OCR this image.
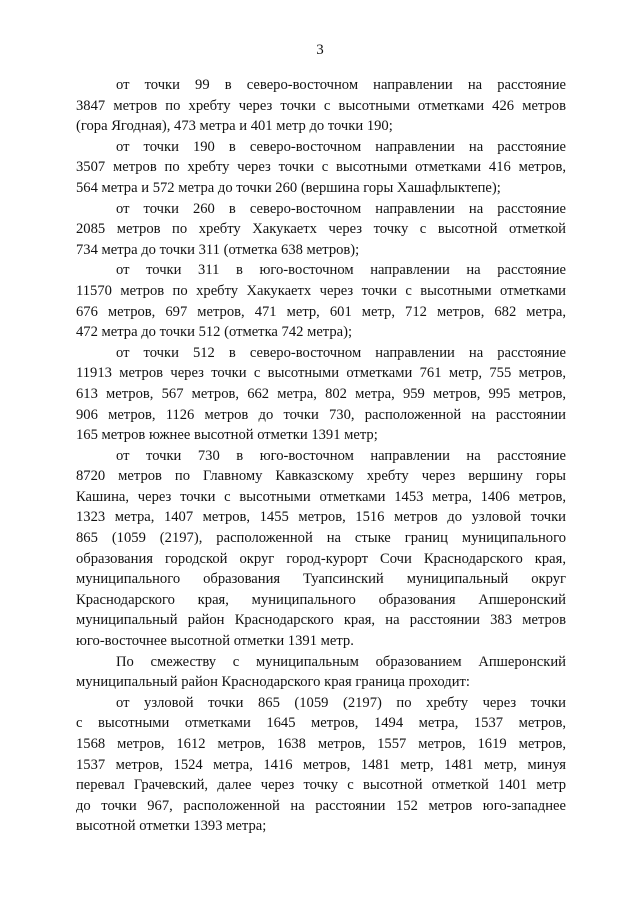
3
от точки 99 в северо-восточном направлении на расстояние
3847 метров по хребту через точки с высотными отметками 426 метров
(гора Ягодная), 473 метра и 401 метр до точки 190;
от точки 190 в северо-восточном направлении на расстояние
3507 метров по хребту через точки с высотными отметками 416 метров,
564 метра и 572 метра до точки 260 (вершина горы Хашафлыктепе);
от точки 260 в северо-восточном направлении на расстояние
2085 метров по хребту Хакукаетх через точку с высотной отметкой
734 метра до точки 311 (отметка 638 метров);
от точки 311 в юго-восточном направлении на расстояние
11570 метров по хребту Хакукаетх через точки с высотными отметками
676 метров, 697 метров, 471 метр, 601 метр, 712 метров, 682 метра,
472 метра до точки 512 (отметка 742 метра);
от точки 512 в северо-восточном направлении на расстояние
11913 метров через точки с высотными отметками 761 метр, 755 метров,
613 метров, 567 метров, 662 метра, 802 метра, 959 метров, 995 метров,
906 метров, 1126 метров до точки 730, расположенной на расстоянии
165 метров южнее высотной отметки 1391 метр;
от точки 730 в юго-восточном направлении на расстояние
8720 метров по Главному Кавказскому хребту через вершину горы
Кашина, через точки с высотными отметками 1453 метра, 1406 метров,
1323 метра, 1407 метров, 1455 метров, 1516 метров до узловой точки
865 (1059 (2197), расположенной на стыке границ муниципального
образования городской округ город-курорт Сочи Краснодарского края,
муниципального образования Туапсинский муниципальный округ
Краснодарского края, муниципального образования Апшеронский
муниципальный район Краснодарского края, на расстоянии 383 метров
юго-восточнее высотной отметки 1391 метр.
По смежеству с муниципальным образованием Апшеронский
муниципальный район Краснодарского края граница проходит:
от узловой точки 865 (1059 (2197) по хребту через точки
с высотными отметками 1645 метров, 1494 метра, 1537 метров,
1568 метров, 1612 метров, 1638 метров, 1557 метров, 1619 метров,
1537 метров, 1524 метра, 1416 метров, 1481 метр, 1481 метр, минуя
перевал Грачевский, далее через точку с высотной отметкой 1401 метр
до точки 967, расположенной на расстоянии 152 метров юго-западнее
высотной отметки 1393 метра;
